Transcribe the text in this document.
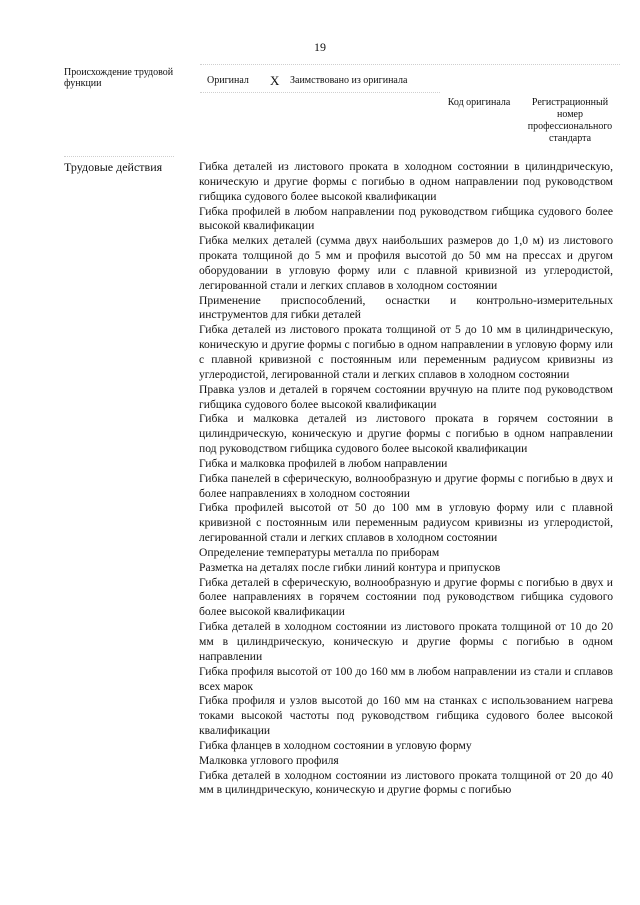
19
Происхождение трудовой функции	Оригинал X Заимствовано из оригинала
Код оригинала	Регистрационный номер профессионального стандарта
Трудовые действия	Гибка деталей из листового проката в холодном состоянии в цилиндрическую, коническую и другие формы с погибью в одном направлении под руководством гибщика судового более высокой квалификации
Гибка профилей в любом направлении под руководством гибщика судового более высокой квалификации
Гибка мелких деталей (сумма двух наибольших размеров до 1,0 м) из листового проката толщиной до 5 мм и профиля высотой до 50 мм на прессах и другом оборудовании в угловую форму или с плавной кривизной из углеродистой, легированной стали и легких сплавов в холодном состоянии
Применение приспособлений, оснастки и контрольно-измерительных инструментов для гибки деталей
Гибка деталей из листового проката толщиной от 5 до 10 мм в цилиндрическую, коническую и другие формы с погибью в одном направлении в угловую форму или с плавной кривизной с постоянным или переменным радиусом кривизны из углеродистой, легированной стали и легких сплавов в холодном состоянии
Правка узлов и деталей в горячем состоянии вручную на плите под руководством гибщика судового более высокой квалификации
Гибка и малковка деталей из листового проката в горячем состоянии в цилиндрическую, коническую и другие формы с погибью в одном направлении под руководством гибщика судового более высокой квалификации
Гибка и малковка профилей в любом направлении
Гибка панелей в сферическую, волнообразную и другие формы с погибью в двух и более направлениях в холодном состоянии
Гибка профилей высотой от 50 до 100 мм в угловую форму или с плавной кривизной с постоянным или переменным радиусом кривизны из углеродистой, легированной стали и легких сплавов в холодном состоянии
Определение температуры металла по приборам
Разметка на деталях после гибки линий контура и припусков
Гибка деталей в сферическую, волнообразную и другие формы с погибью в двух и более направлениях в горячем состоянии под руководством гибщика судового более высокой квалификации
Гибка деталей в холодном состоянии из листового проката толщиной от 10 до 20 мм в цилиндрическую, коническую и другие формы с погибью в одном направлении
Гибка профиля высотой от 100 до 160 мм в любом направлении из стали и сплавов всех марок
Гибка профиля и узлов высотой до 160 мм на станках с использованием нагрева токами высокой частоты под руководством гибщика судового более высокой квалификации
Гибка фланцев в холодном состоянии в угловую форму
Малковка углового профиля
Гибка деталей в холодном состоянии из листового проката толщиной от 20 до 40 мм в цилиндрическую, коническую и другие формы с погибью
